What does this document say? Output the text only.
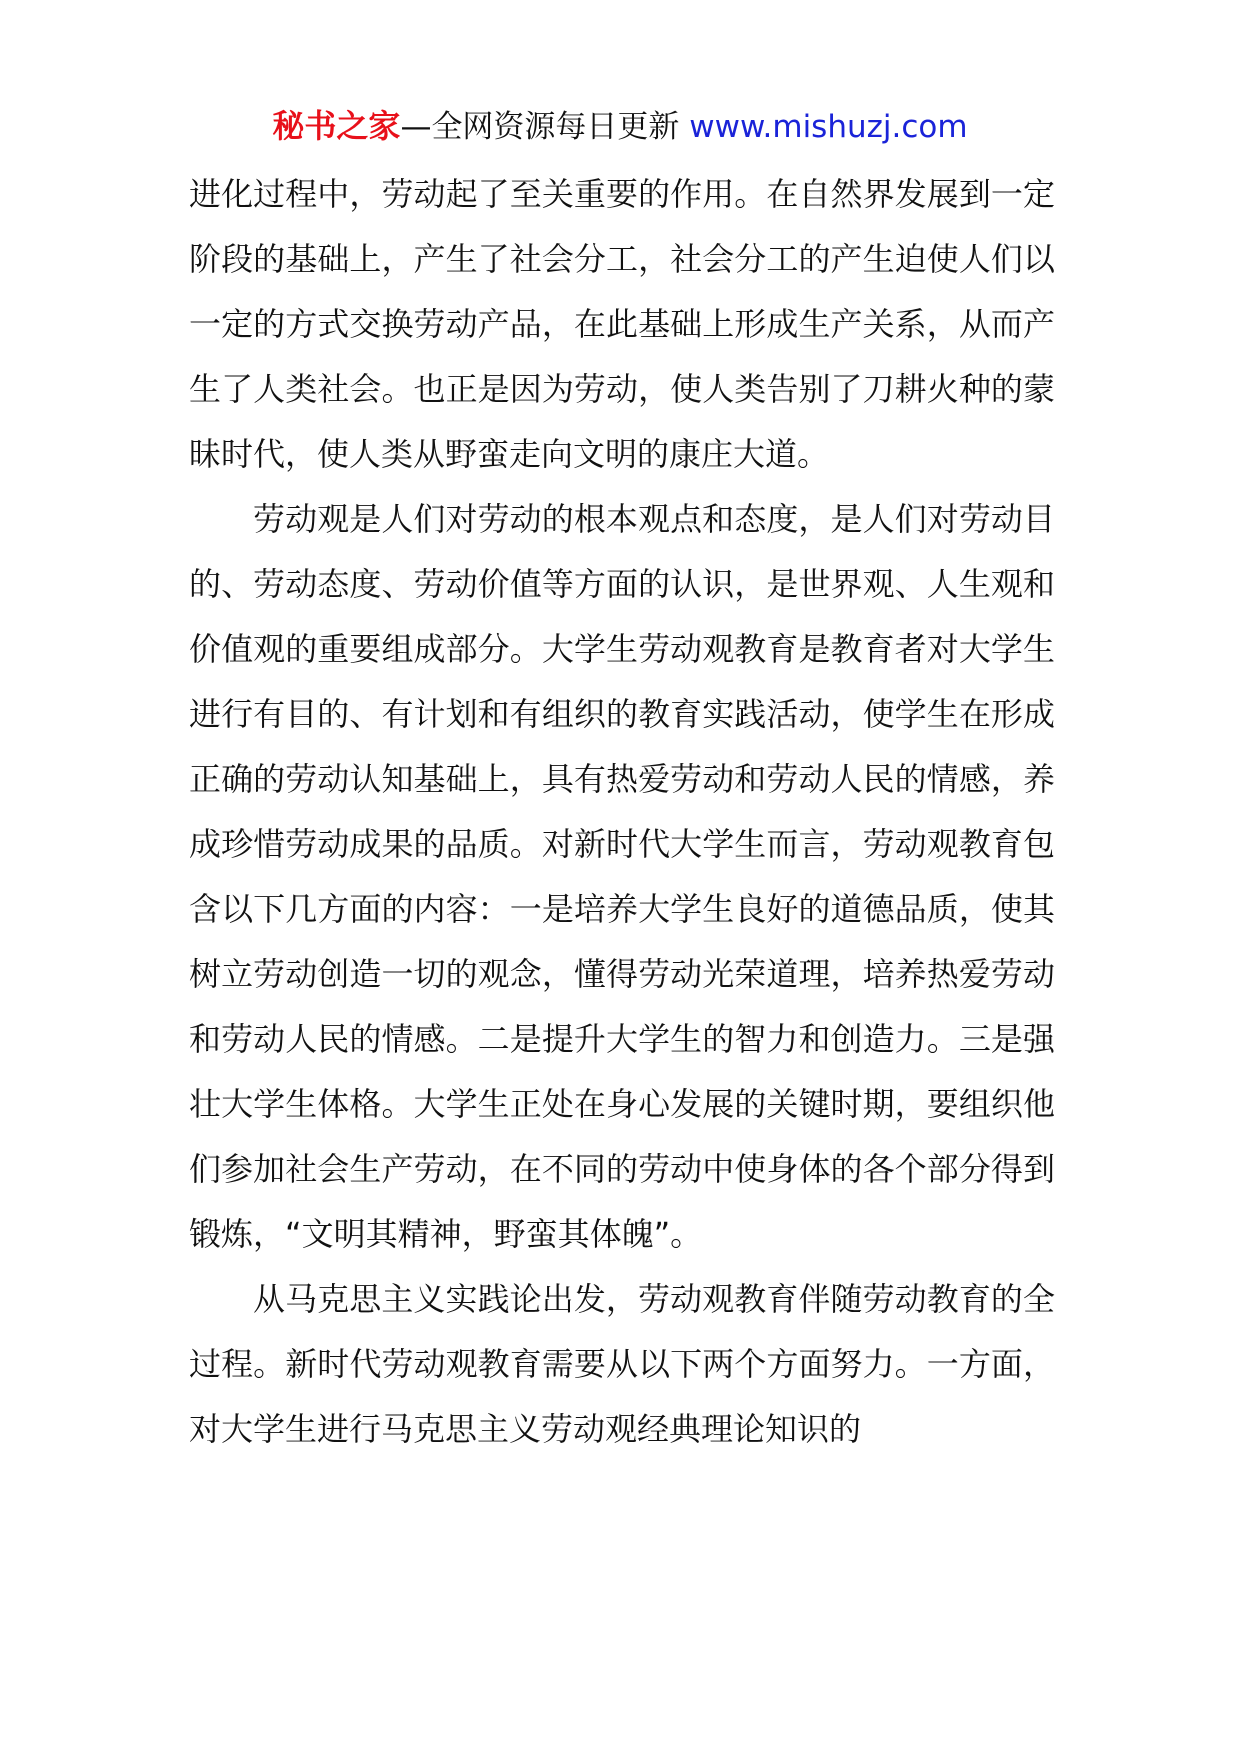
秘书之家—全网资源每日更新 www.mishuzj.com

进化过程中，劳动起了至关重要的作用。在自然界发展到一定阶段的基础上，产生了社会分工，社会分工的产生迫使人们以一定的方式交换劳动产品，在此基础上形成生产关系，从而产生了人类社会。也正是因为劳动，使人类告别了刀耕火种的蒙昧时代，使人类从野蛮走向文明的康庄大道。

劳动观是人们对劳动的根本观点和态度，是人们对劳动目的、劳动态度、劳动价值等方面的认识，是世界观、人生观和价值观的重要组成部分。大学生劳动观教育是教育者对大学生进行有目的、有计划和有组织的教育实践活动，使学生在形成正确的劳动认知基础上，具有热爱劳动和劳动人民的情感，养成珍惜劳动成果的品质。对新时代大学生而言，劳动观教育包含以下几方面的内容：一是培养大学生良好的道德品质，使其树立劳动创造一切的观念，懂得劳动光荣道理，培养热爱劳动和劳动人民的情感。二是提升大学生的智力和创造力。三是强壮大学生体格。大学生正处在身心发展的关键时期，要组织他们参加社会生产劳动，在不同的劳动中使身体的各个部分得到锻炼，“文明其精神，野蛮其体魄”。

从马克思主义实践论出发，劳动观教育伴随劳动教育的全过程。新时代劳动观教育需要从以下两个方面努力。一方面，对大学生进行马克思主义劳动观经典理论知识的
